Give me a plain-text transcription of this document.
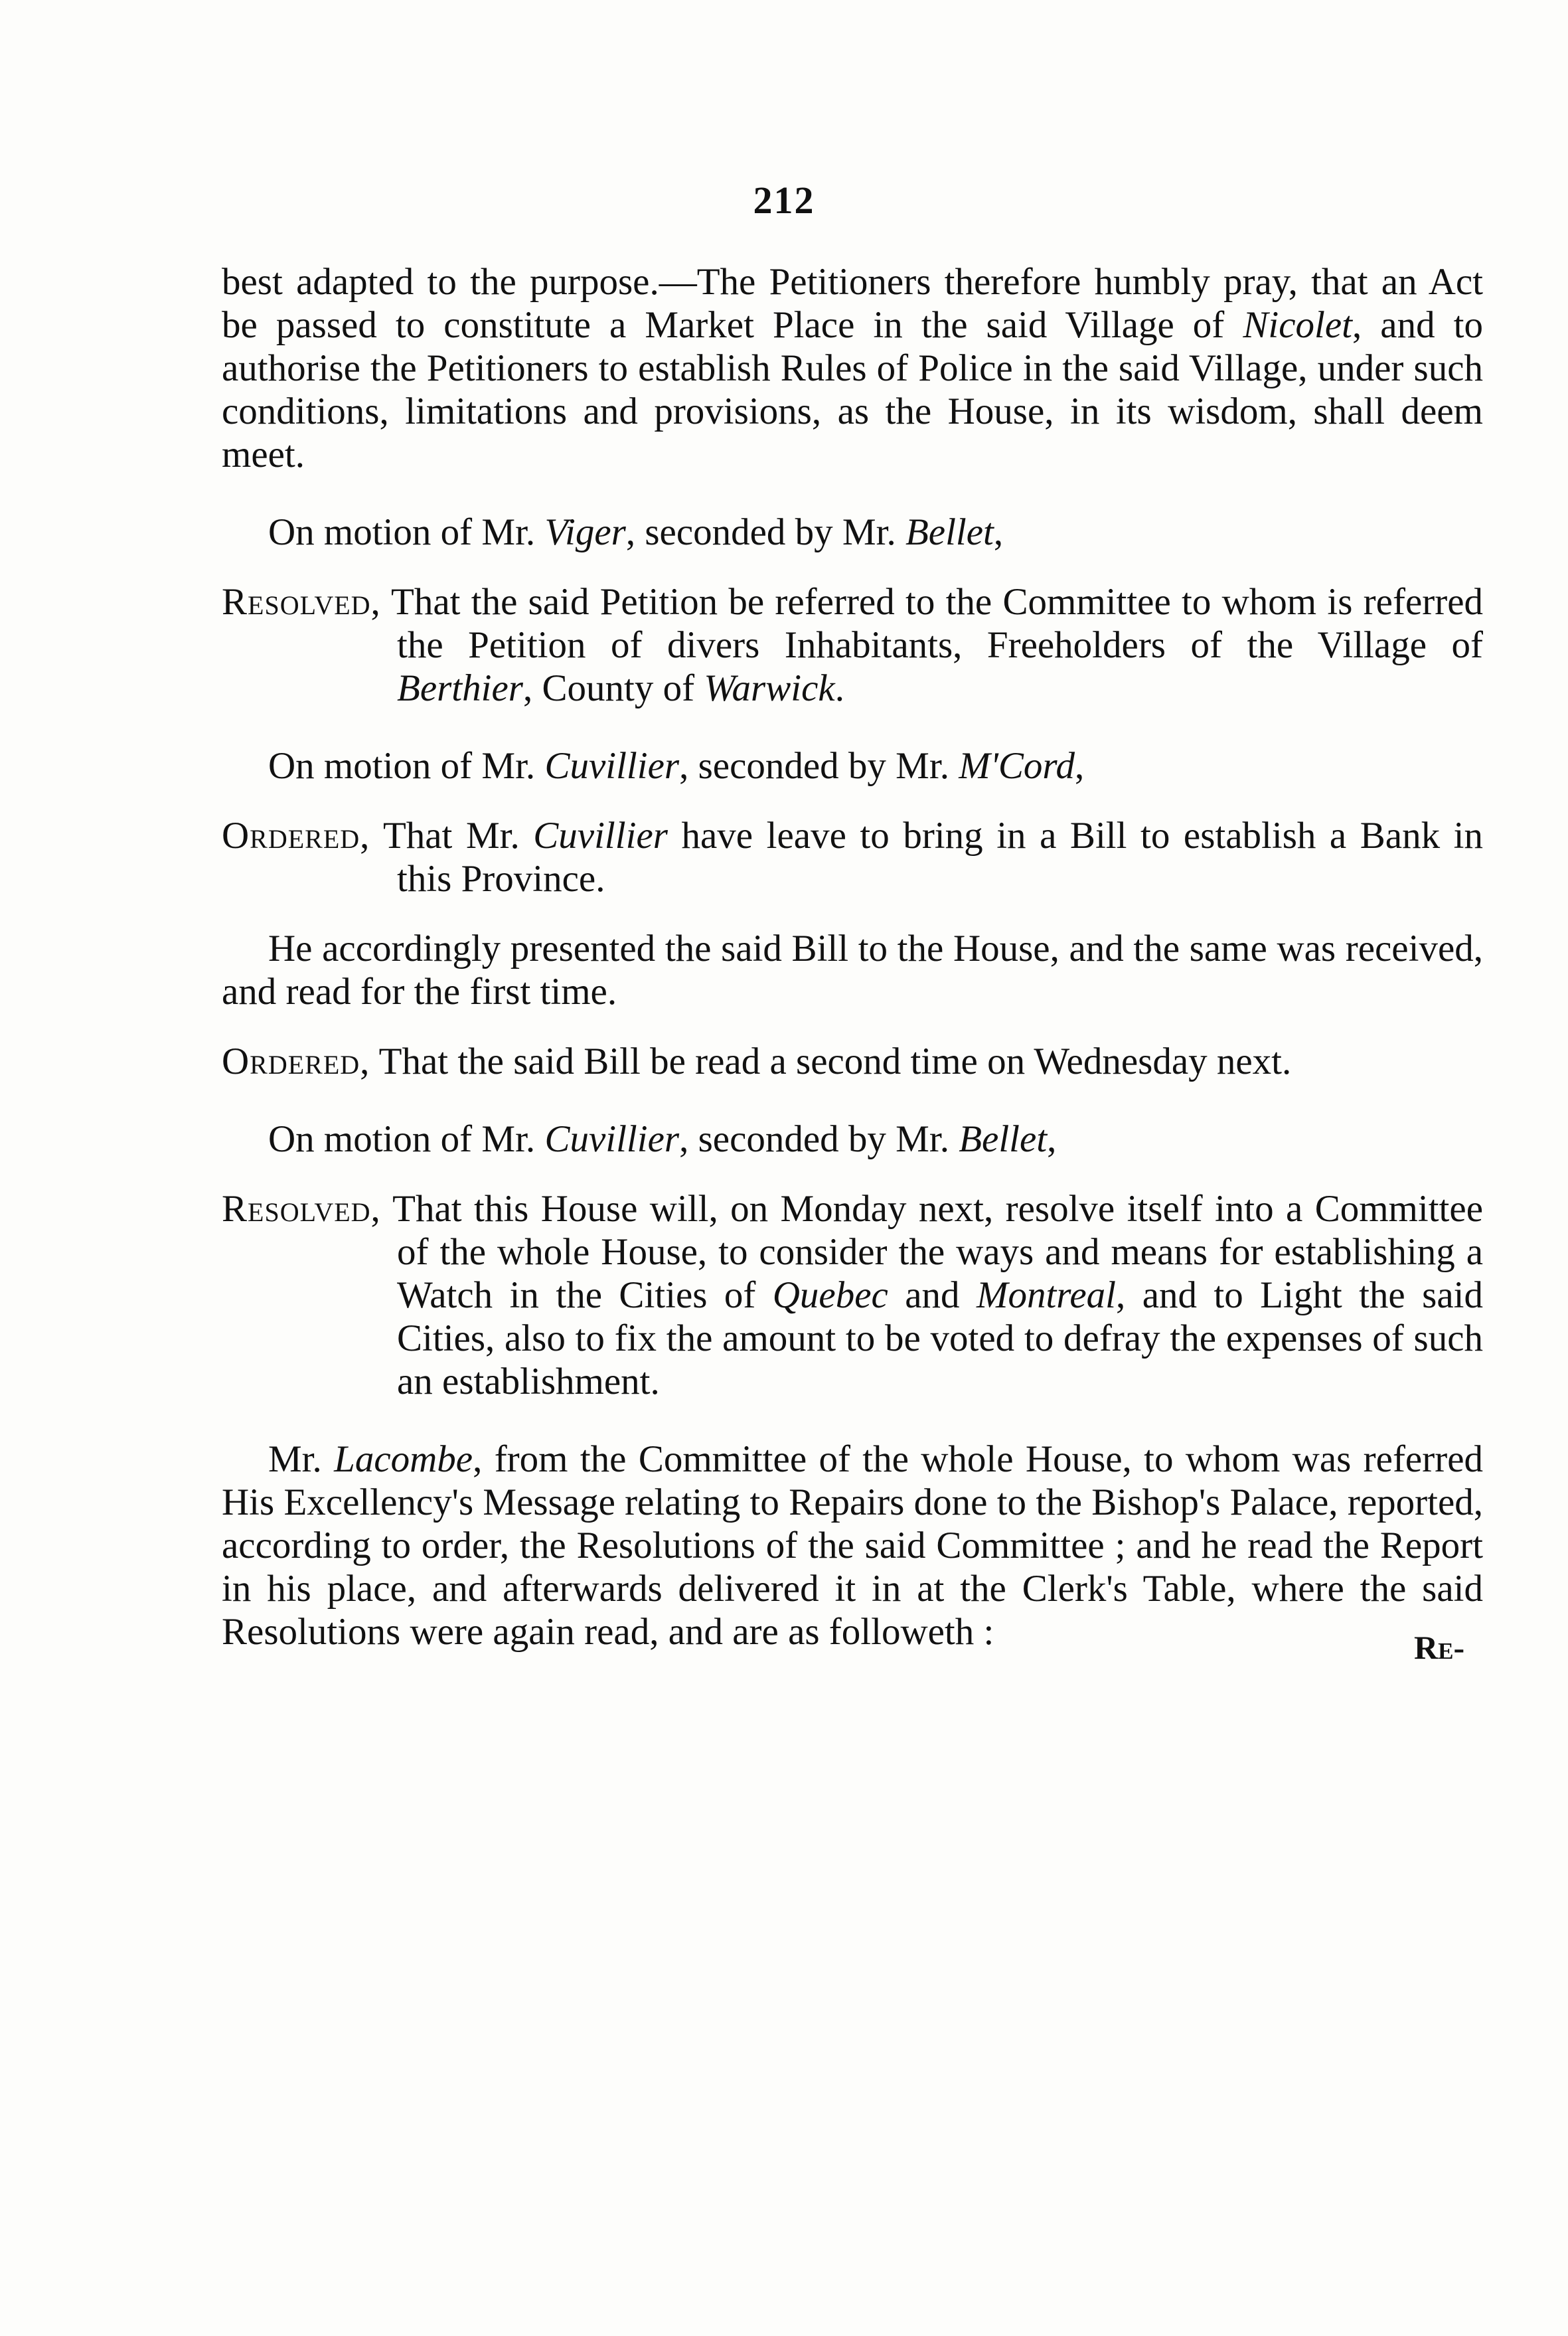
212

best adapted to the purpose.—The Petitioners therefore humbly pray, that an Act be passed to constitute a Market Place in the said Village of Nicolet, and to authorise the Petitioners to establish Rules of Police in the said Village, under such conditions, limitations and provisions, as the House, in its wisdom, shall deem meet.

On motion of Mr. Viger, seconded by Mr. Bellet,

Resolved, That the said Petition be referred to the Committee to whom is referred the Petition of divers Inhabitants, Freeholders of the Village of Berthier, County of Warwick.

On motion of Mr. Cuvillier, seconded by Mr. M'Cord,

Ordered, That Mr. Cuvillier have leave to bring in a Bill to establish a Bank in this Province.

He accordingly presented the said Bill to the House, and the same was received, and read for the first time.

Ordered, That the said Bill be read a second time on Wednesday next.

On motion of Mr. Cuvillier, seconded by Mr. Bellet,

Resolved, That this House will, on Monday next, resolve itself into a Committee of the whole House, to consider the ways and means for establishing a Watch in the Cities of Quebec and Montreal, and to Light the said Cities, also to fix the amount to be voted to defray the expenses of such an establishment.

Mr. Lacombe, from the Committee of the whole House, to whom was referred His Excellency's Message relating to Repairs done to the Bishop's Palace, reported, according to order, the Resolutions of the said Committee ; and he read the Report in his place, and afterwards delivered it in at the Clerk's Table, where the said Resolutions were again read, and are as followeth :	Re-
